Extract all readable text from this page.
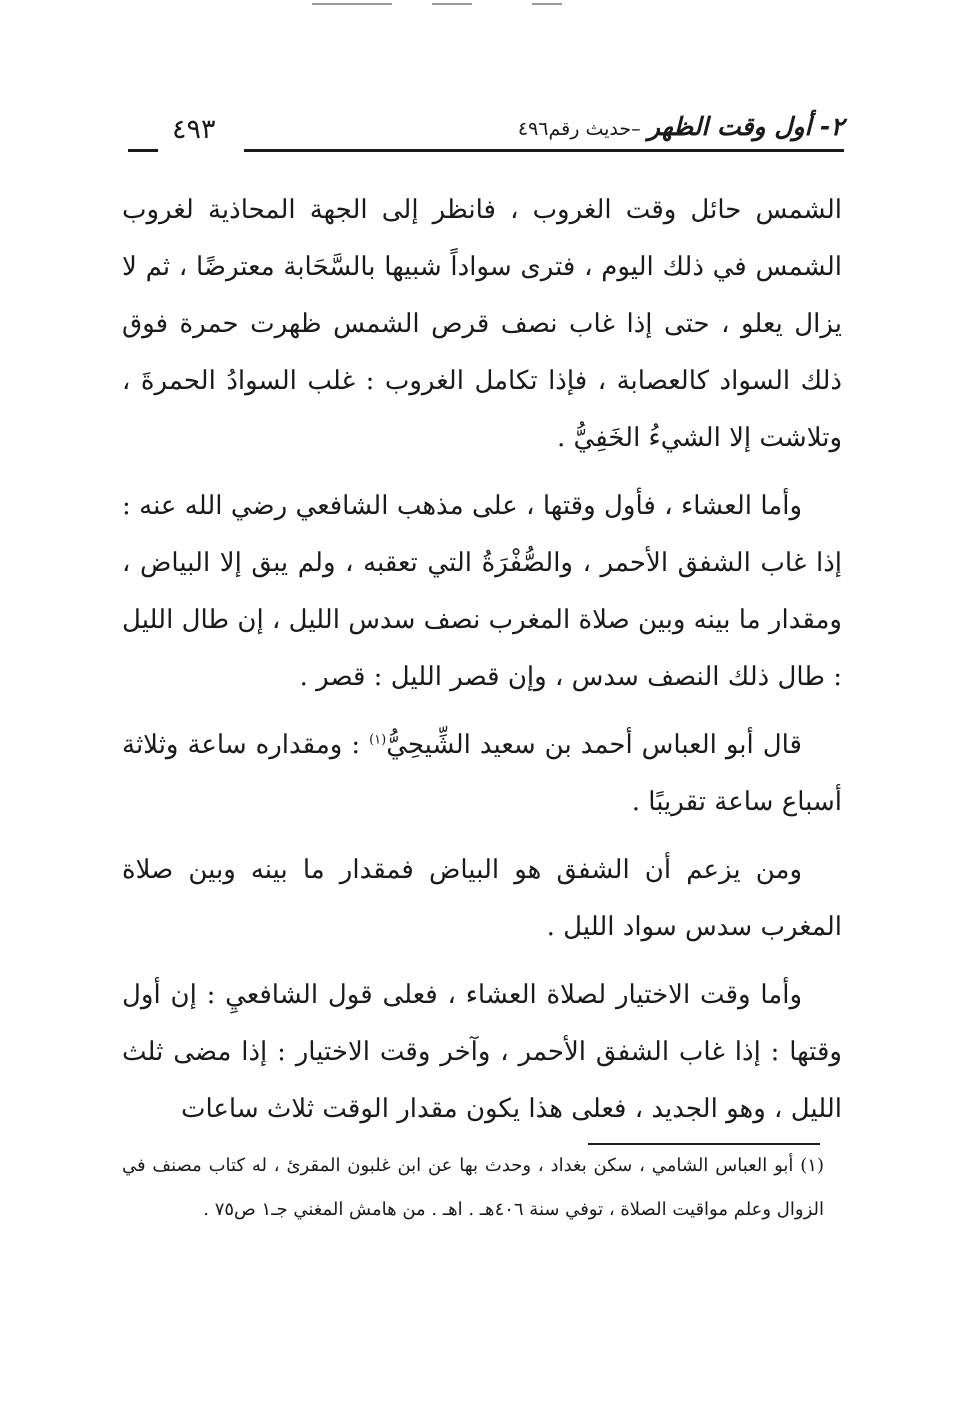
٢- أول وقت الظهر –حديث رقم٤٩٦
٤٩٣

الشمس حائل وقت الغروب ، فانظر إلى الجهة المحاذية لغروب الشمس في ذلك اليوم ، فترى سواداً شبيها بالسَّحَابة معترضًا ، ثم لا يزال يعلو ، حتى إذا غاب نصف قرص الشمس ظهرت حمرة فوق ذلك السواد كالعصابة ، فإذا تكامل الغروب : غلب السوادُ الحمرةَ ، وتلاشت إلا الشيءُ الخَفِيُّ .

وأما العشاء ، فأول وقتها ، على مذهب الشافعي رضي الله عنه : إذا غاب الشفق الأحمر ، والصُّفْرَةُ التي تعقبه ، ولم يبق إلا البياض ، ومقدار ما بينه وبين صلاة المغرب نصف سدس الليل ، إن طال الليل : طال ذلك النصف سدس ، وإن قصر الليل : قصر .

قال أبو العباس أحمد بن سعيد الشِّيحِيُّ$^{(١)}$ : ومقداره ساعة وثلاثة أسباع ساعة تقريبًا .

ومن يزعم أن الشفق هو البياض فمقدار ما بينه وبين صلاة المغرب سدس سواد الليل .

وأما وقت الاختيار لصلاة العشاء ، فعلى قول الشافعيِ : إن أول وقتها : إذا غاب الشفق الأحمر ، وآخر وقت الاختيار : إذا مضى ثلث الليل ، وهو الجديد ، فعلى هذا يكون مقدار الوقت ثلاث ساعات

(١) أبو العباس الشامي ، سكن بغداد ، وحدث بها عن ابن غلبون المقرئ ، له كتاب مصنف في الزوال وعلم مواقيت الصلاة ، توفي سنة ٤٠٦هـ . اهـ . من هامش المغني جـ١ ص٧٥ .
